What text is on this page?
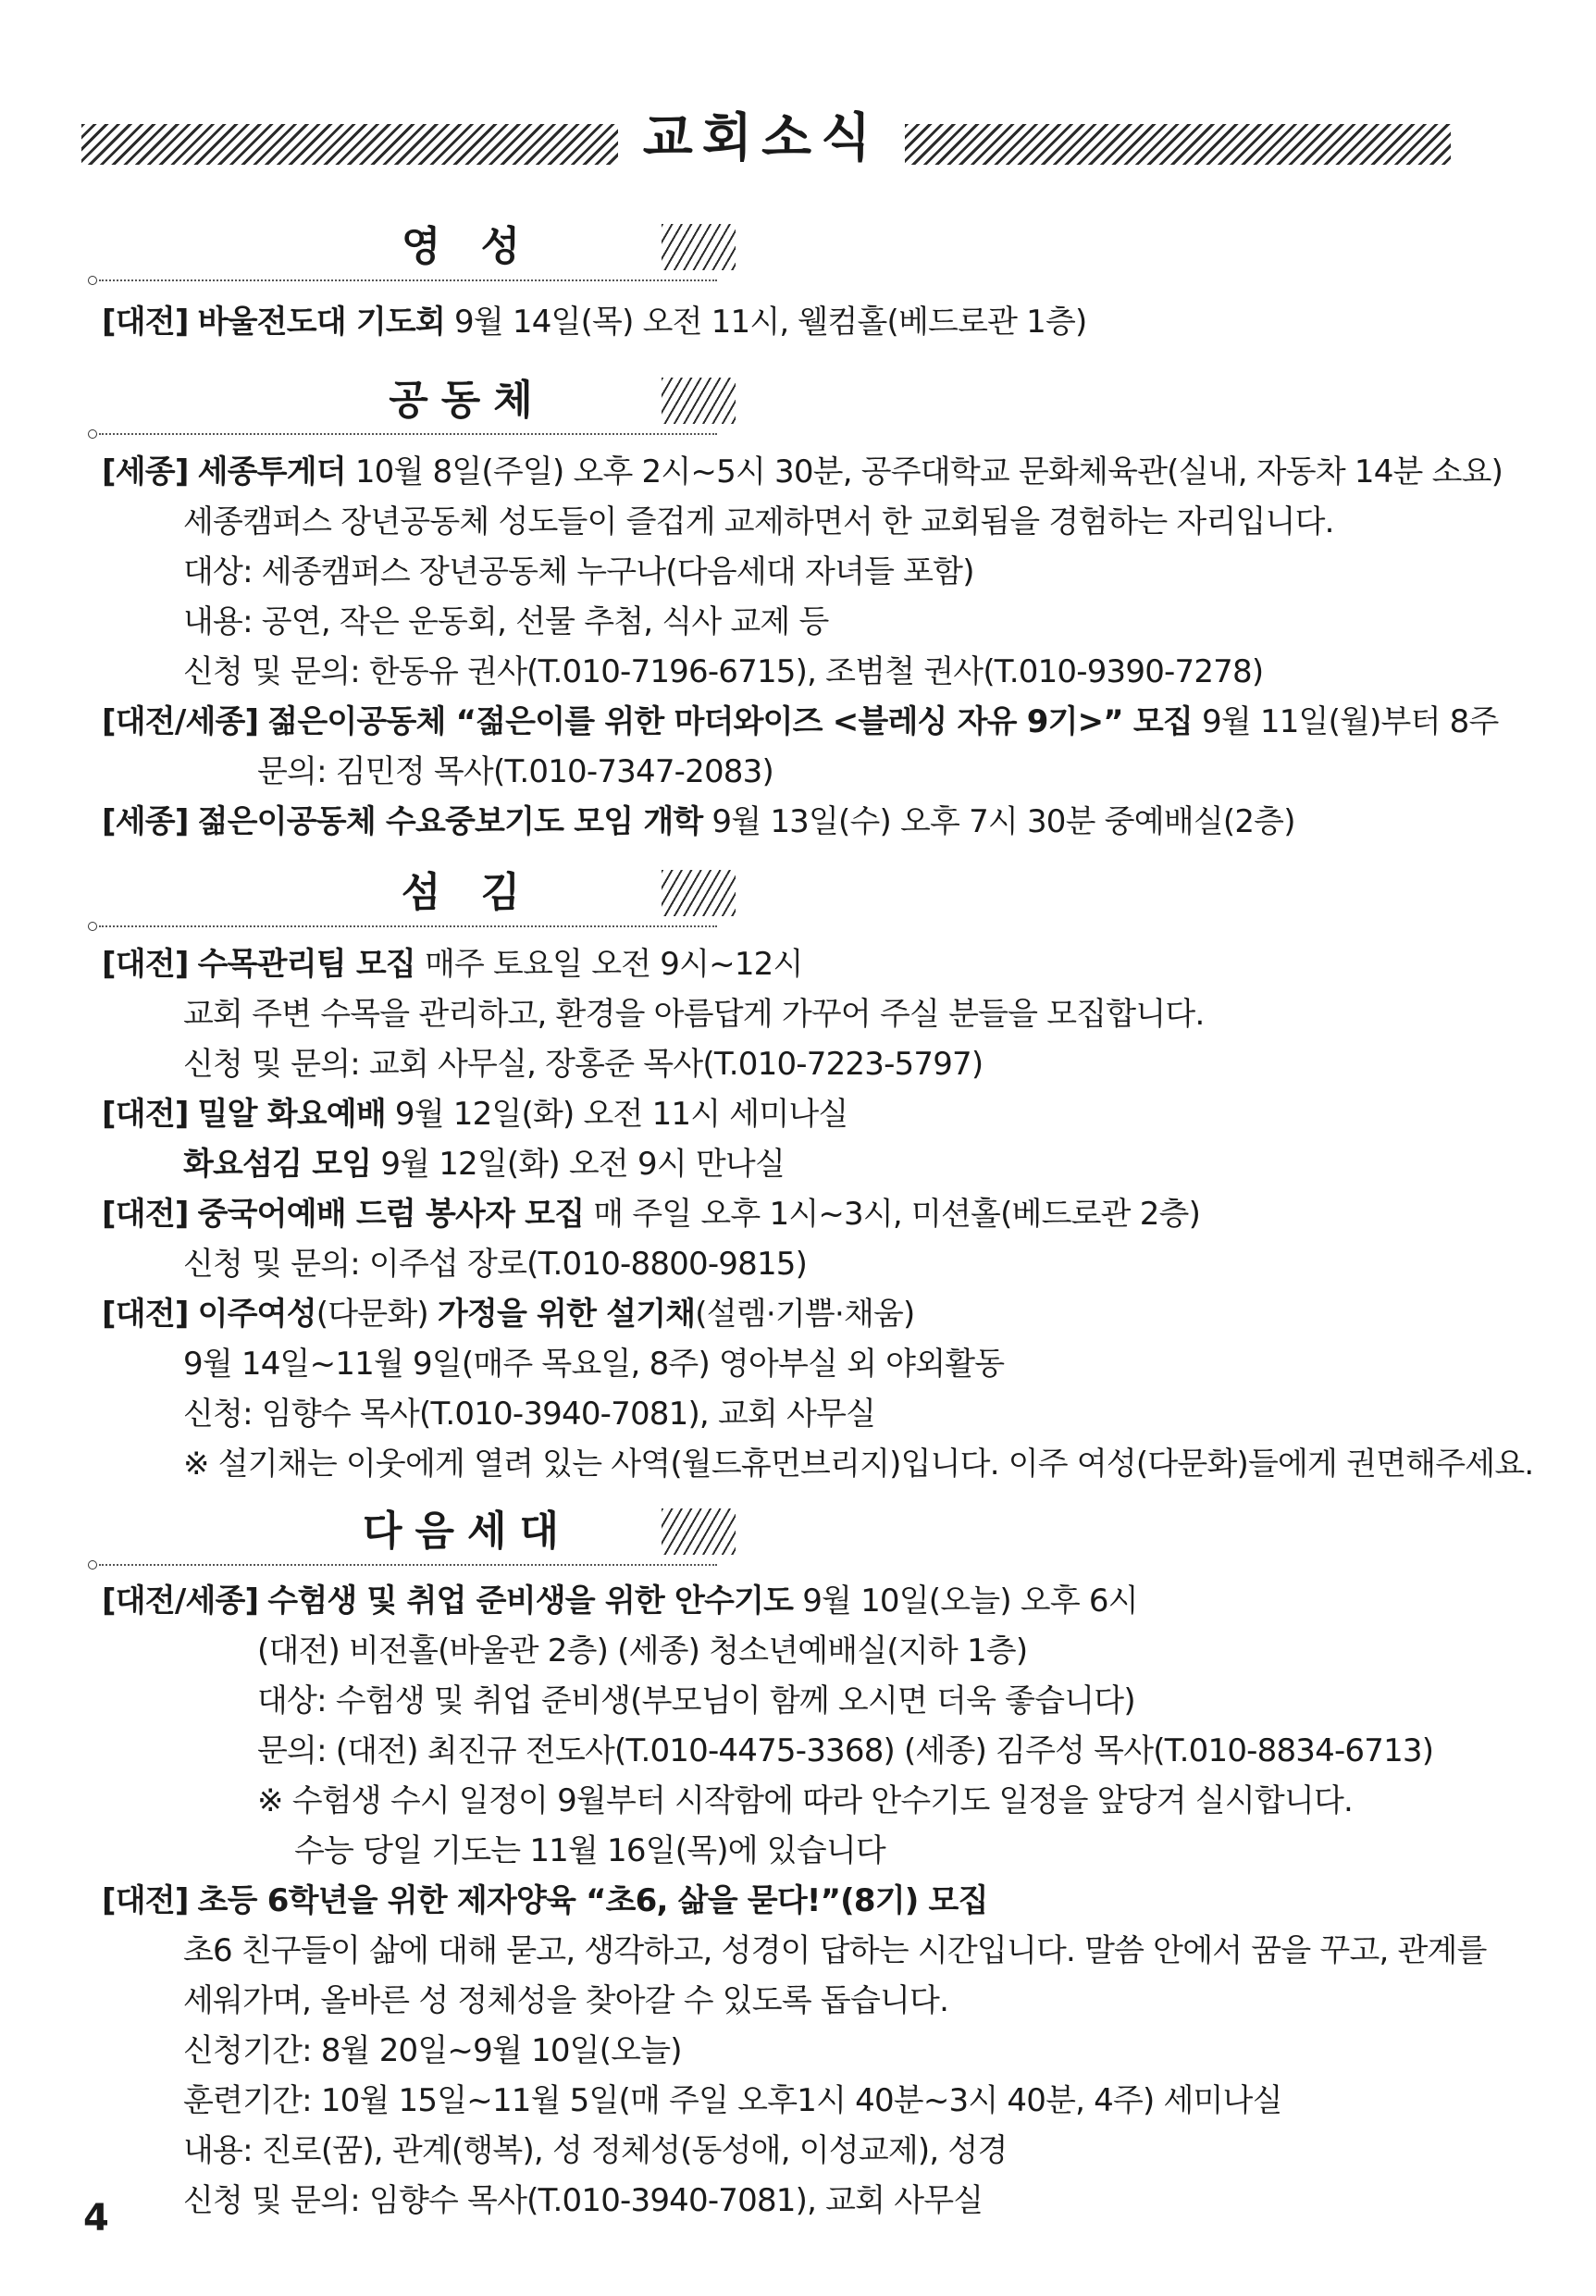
교회소식
영 성
[대전] 바울전도대 기도회 9월 14일(목) 오전 11시, 웰컴홀(베드로관 1층)
공동체
[세종] 세종투게더 10월 8일(주일) 오후 2시~5시 30분, 공주대학교 문화체육관(실내, 자동차 14분 소요)
세종캠퍼스 장년공동체 성도들이 즐겁게 교제하면서 한 교회됨을 경험하는 자리입니다.
대상: 세종캠퍼스 장년공동체 누구나(다음세대 자녀들 포함)
내용: 공연, 작은 운동회, 선물 추첨, 식사 교제 등
신청 및 문의: 한동유 권사(T.010-7196-6715), 조범철 권사(T.010-9390-7278)
[대전/세종] 젊은이공동체 “젊은이를 위한 마더와이즈 <블레싱 자유 9기>” 모집 9월 11일(월)부터 8주
문의: 김민정 목사(T.010-7347-2083)
[세종] 젊은이공동체 수요중보기도 모임 개학 9월 13일(수) 오후 7시 30분 중예배실(2층)
섬 김
[대전] 수목관리팀 모집 매주 토요일 오전 9시~12시
교회 주변 수목을 관리하고, 환경을 아름답게 가꾸어 주실 분들을 모집합니다.
신청 및 문의: 교회 사무실, 장홍준 목사(T.010-7223-5797)
[대전] 밀알 화요예배 9월 12일(화) 오전 11시 세미나실
화요섬김 모임 9월 12일(화) 오전 9시 만나실
[대전] 중국어예배 드럼 봉사자 모집 매 주일 오후 1시~3시, 미션홀(베드로관 2층)
신청 및 문의: 이주섭 장로(T.010-8800-9815)
[대전] 이주여성(다문화) 가정을 위한 설기채(설렘·기쁨·채움)
9월 14일~11월 9일(매주 목요일, 8주) 영아부실 외 야외활동
신청: 임향수 목사(T.010-3940-7081), 교회 사무실
※ 설기채는 이웃에게 열려 있는 사역(월드휴먼브리지)입니다. 이주 여성(다문화)들에게 권면해주세요.
다음세대
[대전/세종] 수험생 및 취업 준비생을 위한 안수기도 9월 10일(오늘) 오후 6시
(대전) 비전홀(바울관 2층) (세종) 청소년예배실(지하 1층)
대상: 수험생 및 취업 준비생(부모님이 함께 오시면 더욱 좋습니다)
문의: (대전) 최진규 전도사(T.010-4475-3368) (세종) 김주성 목사(T.010-8834-6713)
※ 수험생 수시 일정이 9월부터 시작함에 따라 안수기도 일정을 앞당겨 실시합니다.
수능 당일 기도는 11월 16일(목)에 있습니다
[대전] 초등 6학년을 위한 제자양육 “초6, 삶을 묻다!”(8기) 모집
초6 친구들이 삶에 대해 묻고, 생각하고, 성경이 답하는 시간입니다. 말씀 안에서 꿈을 꾸고, 관계를
세워가며, 올바른 성 정체성을 찾아갈 수 있도록 돕습니다.
신청기간: 8월 20일~9월 10일(오늘)
훈련기간: 10월 15일~11월 5일(매 주일 오후1시 40분~3시 40분, 4주) 세미나실
내용: 진로(꿈), 관계(행복), 성 정체성(동성애, 이성교제), 성경
신청 및 문의: 임향수 목사(T.010-3940-7081), 교회 사무실
4
